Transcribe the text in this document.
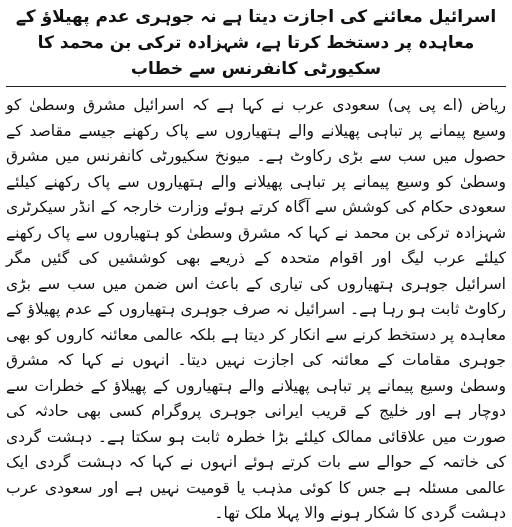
اسرائیل معائنے کی اجازت دیتا ہے نہ جوہری عدم پھیلاؤ کے معاہدہ پر دستخط کرتا ہے، شہزادہ ترکی بن محمد کا سکیورٹی کانفرنس سے خطاب

ریاض (اے پی پی) سعودی عرب نے کہا ہے کہ اسرائیل مشرق وسطیٰ کو وسیع پیمانے پر تباہی پھیلانے والے ہتھیاروں سے پاک رکھنے جیسے مقاصد کے حصول میں سب سے بڑی رکاوٹ ہے۔ میونخ سکیورٹی کانفرنس میں مشرق وسطیٰ کو وسیع پیمانے پر تباہی پھیلانے والے ہتھیاروں سے پاک رکھنے کیلئے سعودی حکام کی کوشش سے آگاہ کرتے ہوئے وزارت خارجہ کے انڈر سیکرٹری شہزادہ ترکی بن محمد نے کہا کہ مشرق وسطیٰ کو ہتھیاروں سے پاک رکھنے کیلئے عرب لیگ اور اقوام متحدہ کے ذریعے بھی کوششیں کی گئیں مگر اسرائیل جوہری ہتھیاروں کی تیاری کے باعث اس ضمن میں سب سے بڑی رکاوٹ ثابت ہو رہا ہے۔ اسرائیل نہ صرف جوہری ہتھیاروں کے عدم پھیلاؤ کے معاہدہ پر دستخط کرنے سے انکار کر دیتا ہے بلکہ عالمی معائنہ کاروں کو بھی جوہری مقامات کے معائنہ کی اجازت نہیں دیتا۔ انہوں نے کہا کہ مشرق وسطیٰ وسیع پیمانے پر تباہی پھیلانے والے ہتھیاروں کے پھیلاؤ کے خطرات سے دوچار ہے اور خلیج کے قریب ایرانی جوہری پروگرام کسی بھی حادثہ کی صورت میں علاقائی ممالک کیلئے بڑا خطرہ ثابت ہو سکتا ہے۔ دہشت گردی کی خاتمہ کے حوالے سے بات کرتے ہوئے انہوں نے کہا کہ دہشت گردی ایک عالمی مسئلہ ہے جس کا کوئی مذہب یا قومیت نہیں ہے اور سعودی عرب دہشت گردی کا شکار ہونے والا پہلا ملک تھا۔
